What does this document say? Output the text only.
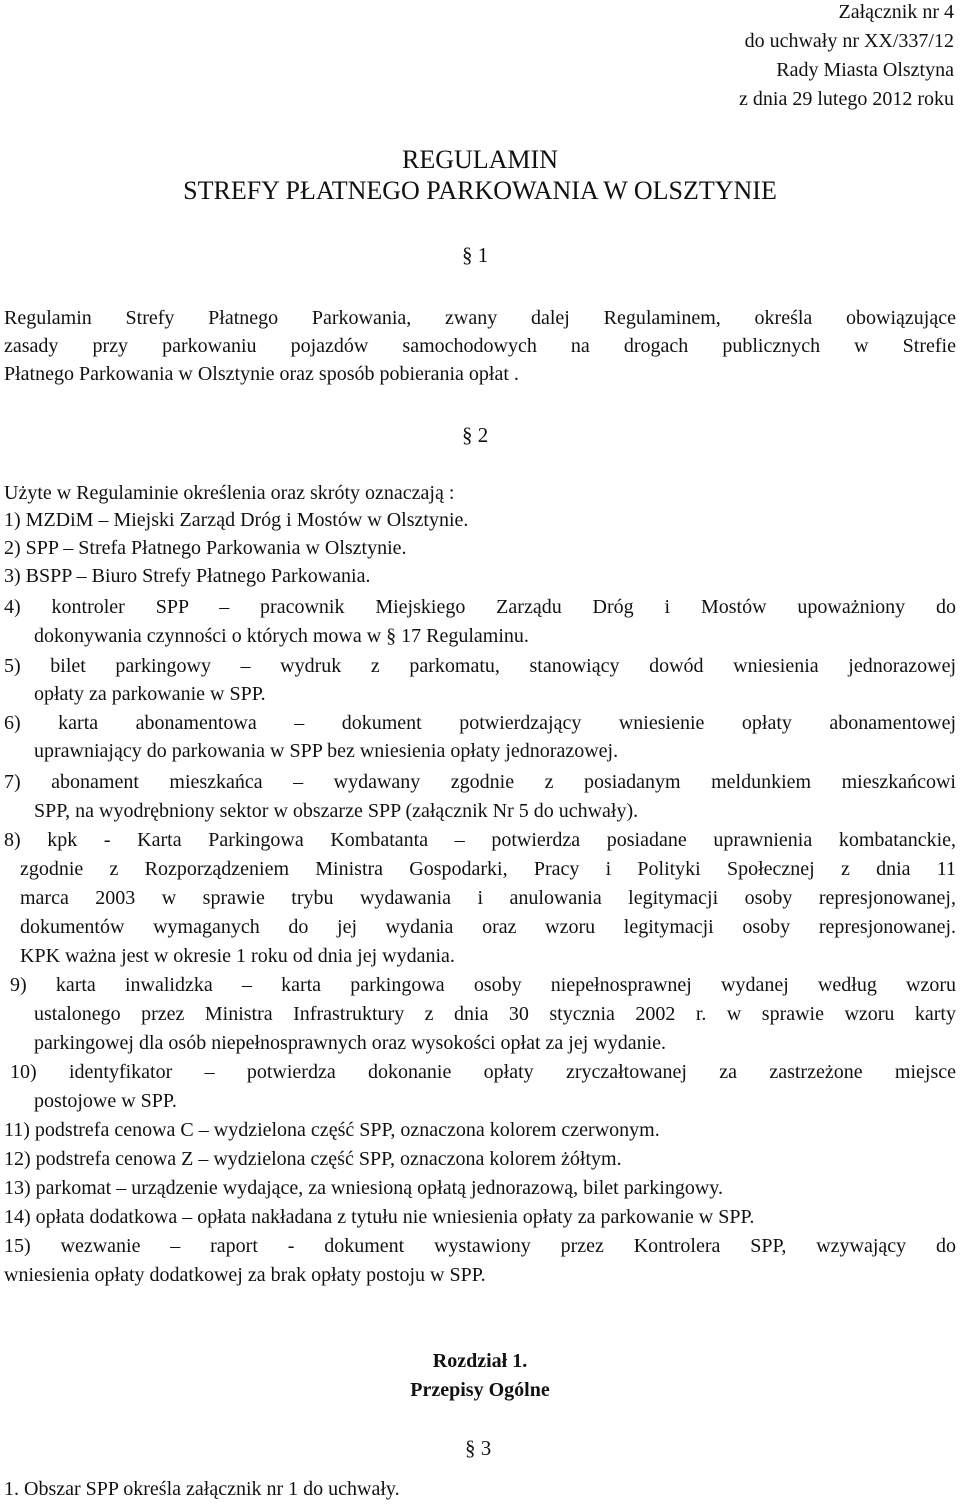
Załącznik nr 4
do uchwały nr XX/337/12
Rady Miasta Olsztyna
z dnia 29 lutego 2012 roku
REGULAMIN
STREFY PŁATNEGO PARKOWANIA W OLSZTYNIE
§ 1
Regulamin Strefy Płatnego Parkowania, zwany dalej Regulaminem, określa obowiązujące
zasady przy parkowaniu pojazdów samochodowych na drogach publicznych w Strefie
Płatnego Parkowania w Olsztynie oraz sposób pobierania opłat .
§ 2
Użyte w Regulaminie określenia oraz skróty oznaczają :
1) MZDiM – Miejski Zarząd Dróg i Mostów w Olsztynie.
2) SPP – Strefa Płatnego Parkowania w Olsztynie.
3) BSPP – Biuro Strefy Płatnego Parkowania.
4) kontroler SPP – pracownik Miejskiego Zarządu Dróg i Mostów upoważniony do
dokonywania czynności o których mowa w § 17 Regulaminu.
5) bilet parkingowy – wydruk z parkomatu, stanowiący dowód wniesienia jednorazowej
opłaty za parkowanie w SPP.
6) karta abonamentowa – dokument potwierdzający wniesienie opłaty abonamentowej
uprawniający do parkowania w SPP bez wniesienia opłaty jednorazowej.
7) abonament mieszkańca – wydawany zgodnie z posiadanym meldunkiem mieszkańcowi
SPP, na wyodrębniony sektor w obszarze SPP (załącznik Nr 5 do uchwały).
8) kpk - Karta Parkingowa Kombatanta – potwierdza posiadane uprawnienia kombatanckie,
zgodnie z Rozporządzeniem Ministra Gospodarki, Pracy i Polityki Społecznej z dnia 11
marca 2003 w sprawie trybu wydawania i anulowania legitymacji osoby represjonowanej,
dokumentów wymaganych do jej wydania oraz wzoru legitymacji osoby represjonowanej.
KPK ważna jest w okresie 1 roku od dnia jej wydania.
9) karta inwalidzka – karta parkingowa osoby niepełnosprawnej wydanej według wzoru
ustalonego przez Ministra Infrastruktury z dnia 30 stycznia 2002 r. w sprawie wzoru karty
parkingowej dla osób niepełnosprawnych oraz wysokości opłat za jej wydanie.
10) identyfikator – potwierdza dokonanie opłaty zryczałtowanej za zastrzeżone miejsce
postojowe w SPP.
11) podstrefa cenowa C – wydzielona część SPP, oznaczona kolorem czerwonym.
12) podstrefa cenowa Z – wydzielona część SPP, oznaczona kolorem żółtym.
13) parkomat – urządzenie wydające, za wniesioną opłatą jednorazową, bilet parkingowy.
14) opłata dodatkowa – opłata nakładana z tytułu nie wniesienia opłaty za parkowanie w SPP.
15) wezwanie – raport - dokument wystawiony przez Kontrolera SPP, wzywający do
wniesienia opłaty dodatkowej za brak opłaty postoju w SPP.
Rozdział 1.
Przepisy Ogólne
§ 3
1. Obszar SPP określa załącznik nr 1 do uchwały.
